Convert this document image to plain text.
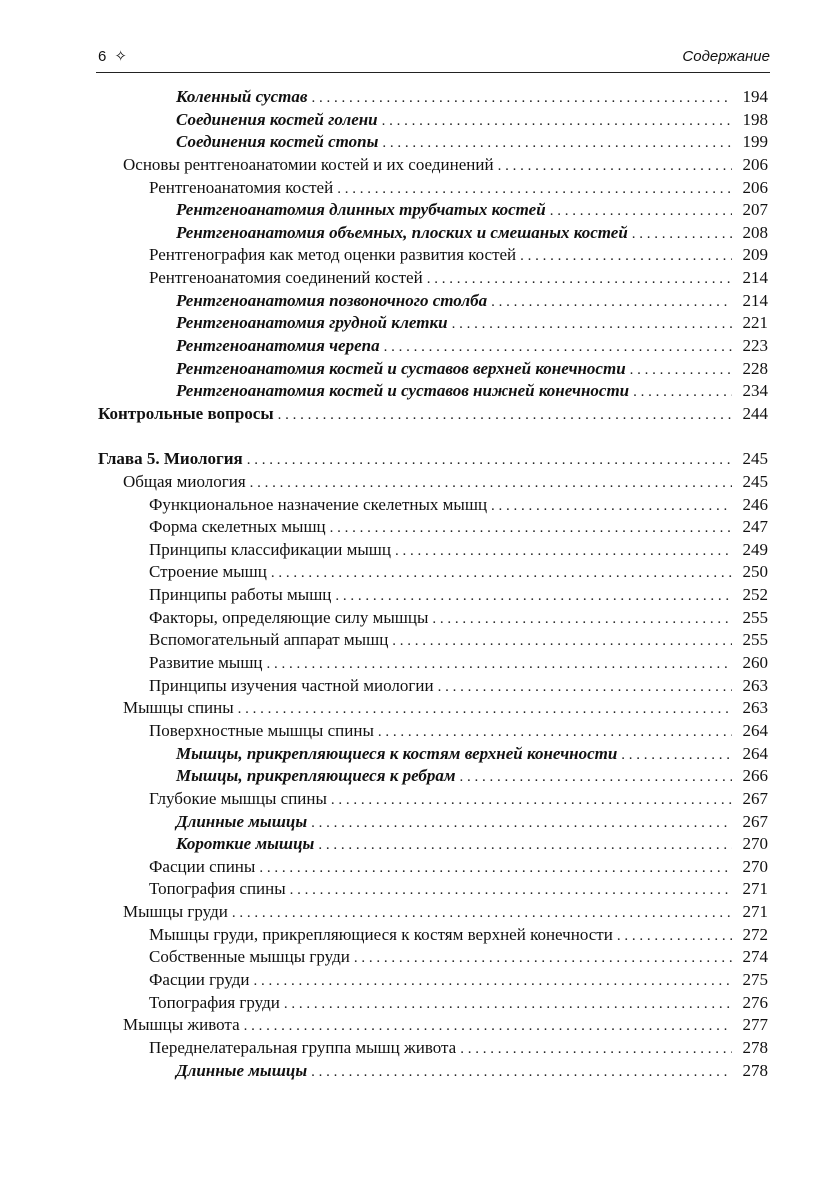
6 ✧	Содержание
Коленный сустав . . .	194
Соединения костей голени . . .	198
Соединения костей стопы . . .	199
Основы рентгеноанатомии костей и их соединений . . .	206
Рентгеноанатомия костей . . .	206
Рентгеноанатомия длинных трубчатых костей . . .	207
Рентгеноанатомия объемных, плоских и смешаных костей . . .	208
Рентгенография как метод оценки развития костей . . .	209
Рентгеноанатомия соединений костей . . .	214
Рентгеноанатомия позвоночного столба . . .	214
Рентгеноанатомия грудной клетки . . .	221
Рентгеноанатомия черепа . . .	223
Рентгеноанатомия костей и суставов верхней конечности . . .	228
Рентгеноанатомия костей и суставов нижней конечности . . .	234
Контрольные вопросы . . .	244
Глава 5. Миология . . .	245
Общая миология . . .	245
Функциональное назначение скелетных мышц . . .	246
Форма скелетных мышц . . .	247
Принципы классификации мышц . . .	249
Строение мышц . . .	250
Принципы работы мышц . . .	252
Факторы, определяющие силу мышцы . . .	255
Вспомогательный аппарат мышц . . .	255
Развитие мышц . . .	260
Принципы изучения частной миологии . . .	263
Мышцы спины . . .	263
Поверхностные мышцы спины . . .	264
Мышцы, прикрепляющиеся к костям верхней конечности . . .	264
Мышцы, прикрепляющиеся к ребрам . . .	266
Глубокие мышцы спины . . .	267
Длинные мышцы . . .	267
Короткие мышцы . . .	270
Фасции спины . . .	270
Топография спины . . .	271
Мышцы груди . . .	271
Мышцы груди, прикрепляющиеся к костям верхней конечности . . .	272
Собственные мышцы груди . . .	274
Фасции груди . . .	275
Топография груди . . .	276
Мышцы живота . . .	277
Переднелатеральная группа мышц живота . . .	278
Длинные мышцы . . .	278
